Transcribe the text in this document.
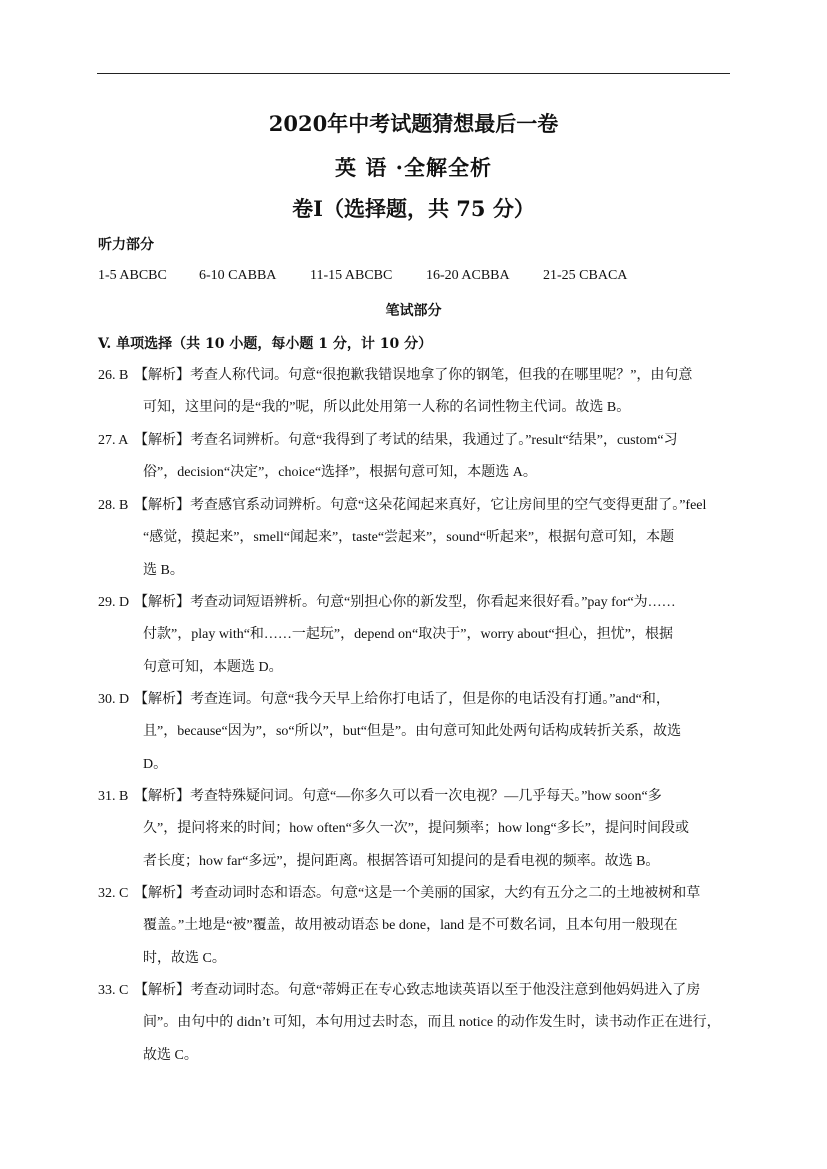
2020年中考试题猜想最后一卷
英 语 ·全解全析
卷Ⅰ（选择题，共 75 分）
听力部分
1-5 ABCBC 6-10 CABBA 11-15 ABCBC 16-20 ACBBA 21-25 CBACA
笔试部分
V. 单项选择（共 10 小题，每小题 1 分，计 10 分）
26. B 【解析】考查人称代词。句意“很抱歉我错误地拿了你的钢笔，但我的在哪里呢？”，由句意
可知，这里问的是“我的”呢，所以此处用第一人称的名词性物主代词。故选 B。
27. A 【解析】考查名词辨析。句意“我得到了考试的结果，我通过了。”result“结果”，custom“习
俗”，decision“决定”，choice“选择”，根据句意可知，本题选 A。
28. B 【解析】考查感官系动词辨析。句意“这朵花闻起来真好，它让房间里的空气变得更甜了。”feel
“感觉，摸起来”，smell“闻起来”，taste“尝起来”，sound“听起来”，根据句意可知，本题
选 B。
29. D 【解析】考查动词短语辨析。句意“别担心你的新发型，你看起来很好看。”pay for“为……
付款”，play with“和……一起玩”，depend on“取决于”，worry about“担心，担忧”，根据
句意可知，本题选 D。
30. D 【解析】考查连词。句意“我今天早上给你打电话了，但是你的电话没有打通。”and“和，
且”，because“因为”，so“所以”，but“但是”。由句意可知此处两句话构成转折关系，故选
D。
31. B 【解析】考查特殊疑问词。句意“—你多久可以看一次电视？—几乎每天。”how soon“多
久”，提问将来的时间；how often“多久一次”，提问频率；how long“多长”，提问时间段或
者长度；how far“多远”，提问距离。根据答语可知提问的是看电视的频率。故选 B。
32. C 【解析】考查动词时态和语态。句意“这是一个美丽的国家，大约有五分之二的土地被树和草
覆盖。”土地是“被”覆盖，故用被动语态 be done，land 是不可数名词，且本句用一般现在
时，故选 C。
33. C 【解析】考查动词时态。句意“蒂姆正在专心致志地读英语以至于他没注意到他妈妈进入了房
间”。由句中的 didn’t 可知，本句用过去时态，而且 notice 的动作发生时，读书动作正在进行，
故选 C。
